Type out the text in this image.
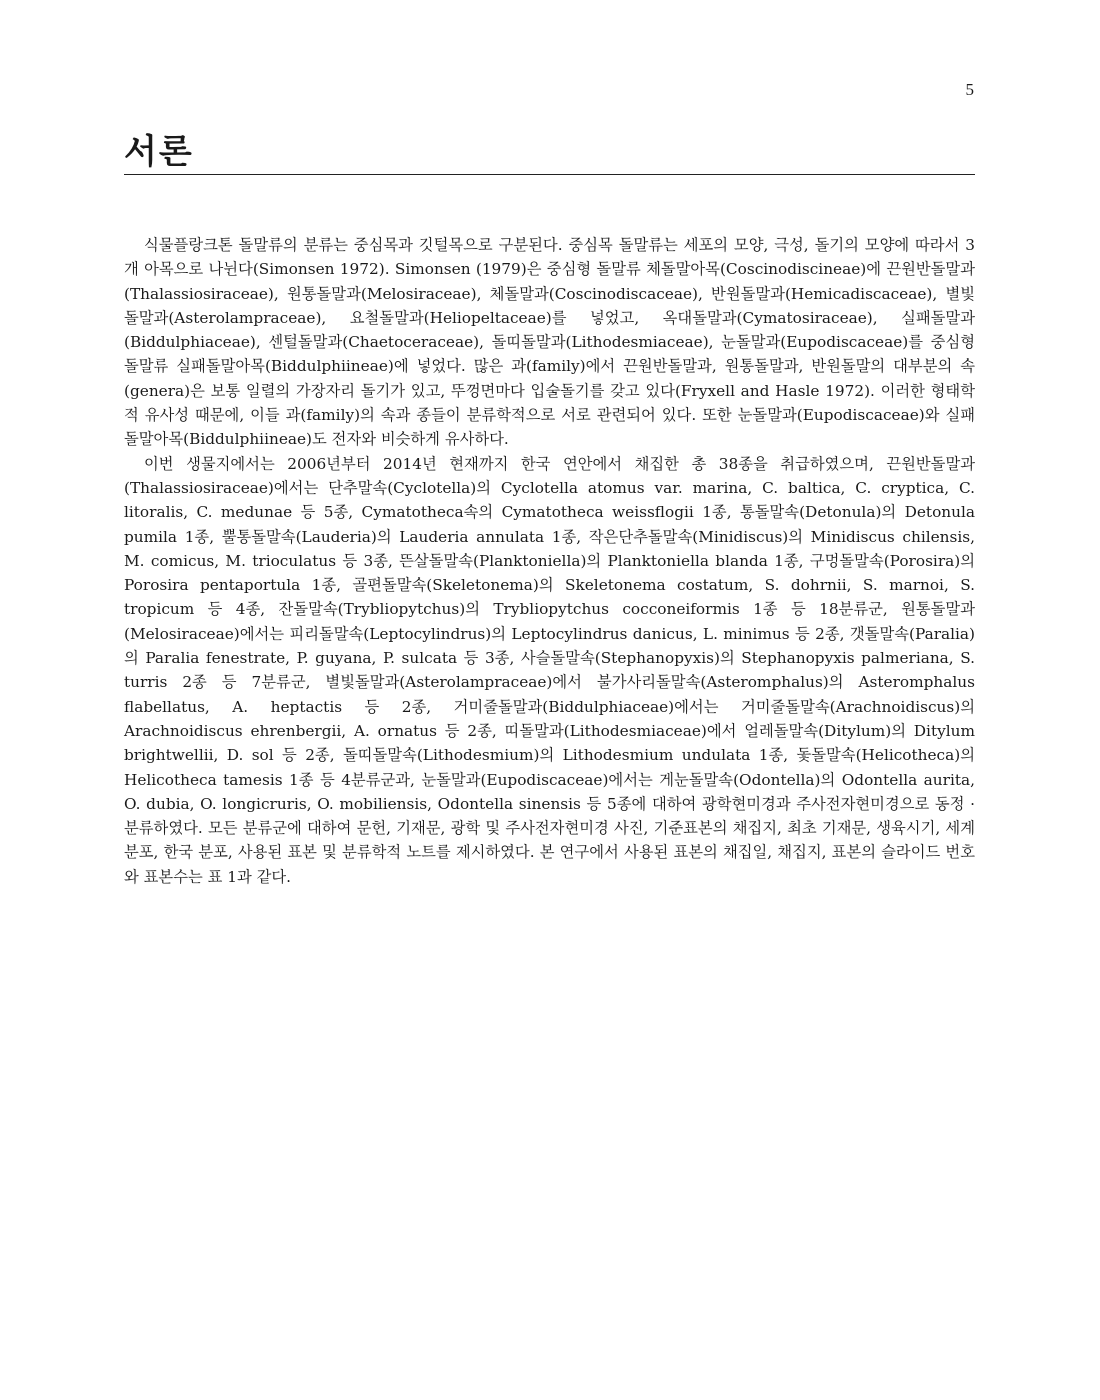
5
서론

식물플랑크톤 돌말류의 분류는 중심목과 깃털목으로 구분된다. 중심목 돌말류는 세포의 모양, 극성, 돌기의 모양에 따라서 3개 아목으로 나뉜다(Simonsen 1972). Simonsen (1979)은 중심형 돌말류 체돌말아목(Coscinodiscineae)에 끈원반돌말과(Thalassiosiraceae), 원통돌말과(Melosiraceae), 체돌말과(Coscinodiscaceae), 반원돌말과(Hemicadiscaceae), 별빛돌말과(Asterolampraceae), 요철돌말과(Heliopeltaceae)를 넣었고, 옥대돌말과(Cymatosiraceae), 실패돌말과(Biddulphiaceae), 센털돌말과(Chaetoceraceae), 돌띠돌말과(Lithodesmiaceae), 눈돌말과(Eupodiscaceae)를 중심형 돌말류 실패돌말아목(Biddulphiineae)에 넣었다. 많은 과(family)에서 끈원반돌말과, 원통돌말과, 반원돌말의 대부분의 속(genera)은 보통 일렬의 가장자리 돌기가 있고, 뚜껑면마다 입술돌기를 갖고 있다(Fryxell and Hasle 1972). 이러한 형태학적 유사성 때문에, 이들 과(family)의 속과 종들이 분류학적으로 서로 관련되어 있다. 또한 눈돌말과(Eupodiscaceae)와 실패돌말아목(Biddulphiineae)도 전자와 비슷하게 유사하다.

이번 생물지에서는 2006년부터 2014년 현재까지 한국 연안에서 채집한 총 38종을 취급하였으며, 끈원반돌말과(Thalassiosiraceae)에서는 단추말속(Cyclotella)의 Cyclotella atomus var. marina, C. baltica, C. cryptica, C. litoralis, C. medunae 등 5종, Cymatotheca속의 Cymatotheca weissflogii 1종, 통돌말속(Detonula)의 Detonula pumila 1종, 뿔통돌말속(Lauderia)의 Lauderia annulata 1종, 작은단추돌말속(Minidiscus)의 Minidiscus chilensis, M. comicus, M. trioculatus 등 3종, 뜬살돌말속(Planktoniella)의 Planktoniella blanda 1종, 구멍돌말속(Porosira)의 Porosira pentaportula 1종, 골편돌말속(Skeletonema)의 Skeletonema costatum, S. dohrnii, S. marnoi, S. tropicum 등 4종, 잔돌말속(Trybliopytchus)의 Trybliopytchus cocconeiformis 1종 등 18분류군, 원통돌말과(Melosiraceae)에서는 피리돌말속(Leptocylindrus)의 Leptocylindrus danicus, L. minimus 등 2종, 갯돌말속(Paralia)의 Paralia fenestrate, P. guyana, P. sulcata 등 3종, 사슬돌말속(Stephanopyxis)의 Stephanopyxis palmeriana, S. turris 2종 등 7분류군, 별빛돌말과(Asterolampraceae)에서 불가사리돌말속(Asteromphalus)의 Asteromphalus flabellatus, A. heptactis 등 2종, 거미줄돌말과(Biddulphiaceae)에서는 거미줄돌말속(Arachnoidiscus)의 Arachnoidiscus ehrenbergii, A. ornatus 등 2종, 띠돌말과(Lithodesmiaceae)에서 얼레돌말속(Ditylum)의 Ditylum brightwellii, D. sol 등 2종, 돌띠돌말속(Lithodesmium)의 Lithodesmium undulata 1종, 돛돌말속(Helicotheca)의 Helicotheca tamesis 1종 등 4분류군과, 눈돌말과(Eupodiscaceae)에서는 게눈돌말속(Odontella)의 Odontella aurita, O. dubia, O. longicruris, O. mobiliensis, Odontella sinensis 등 5종에 대하여 광학현미경과 주사전자현미경으로 동정 · 분류하였다. 모든 분류군에 대하여 문헌, 기재문, 광학 및 주사전자현미경 사진, 기준표본의 채집지, 최초 기재문, 생육시기, 세계 분포, 한국 분포, 사용된 표본 및 분류학적 노트를 제시하였다. 본 연구에서 사용된 표본의 채집일, 채집지, 표본의 슬라이드 번호와 표본수는 표 1과 같다.
